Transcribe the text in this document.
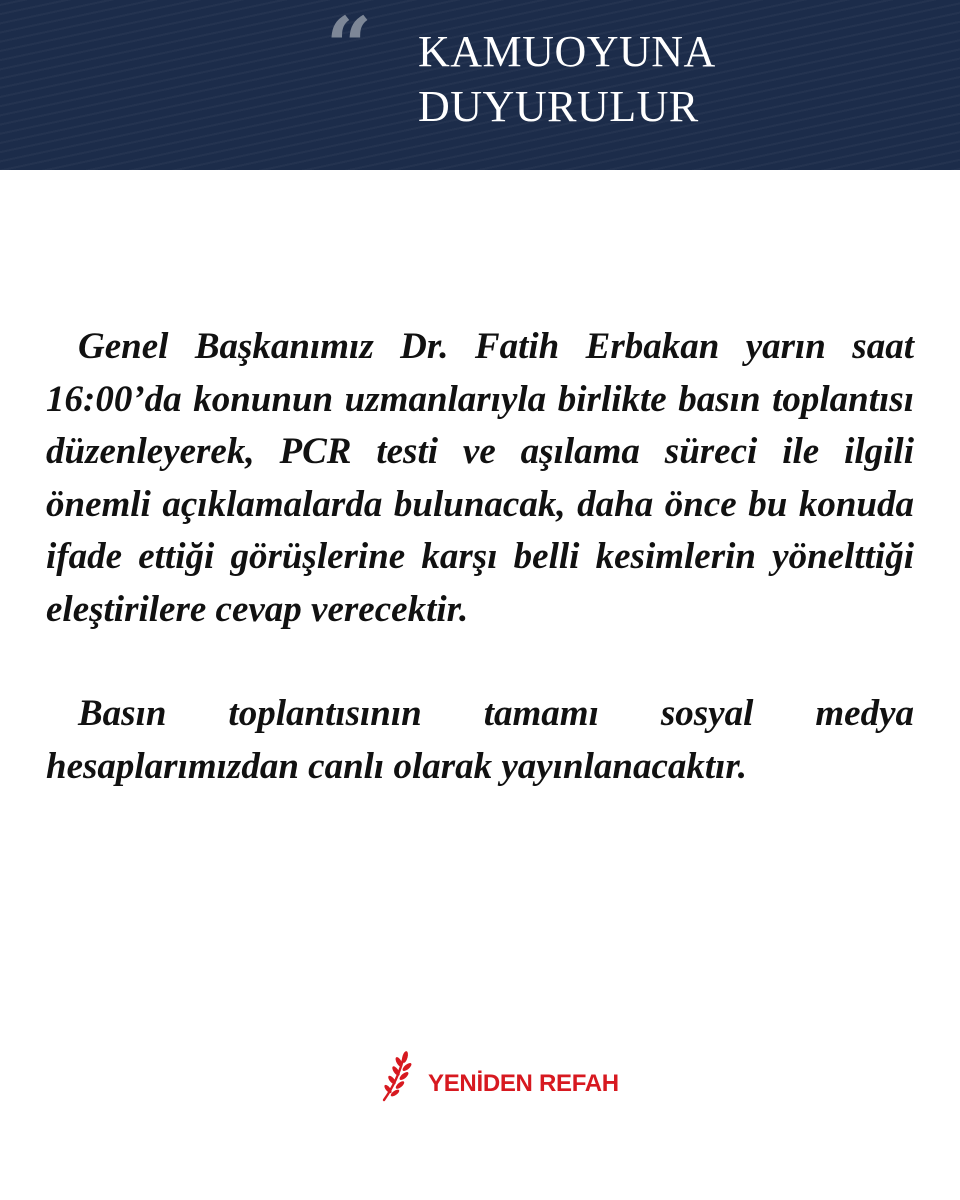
“ KAMUOYUNA
DUYURULUR

Genel Başkanımız Dr. Fatih Erbakan yarın saat 16:00’da konunun uzmanlarıyla birlikte basın toplantısı düzenleyerek, PCR testi ve aşılama süreci ile ilgili önemli açıklamalarda bulunacak, daha önce bu konuda ifade ettiği görüşlerine karşı belli kesimlerin yönelttiği eleştirilere cevap verecektir.

Basın toplantısının tamamı sosyal medya hesaplarımızdan canlı olarak yayınlanacaktır.

YENİDEN REFAH
